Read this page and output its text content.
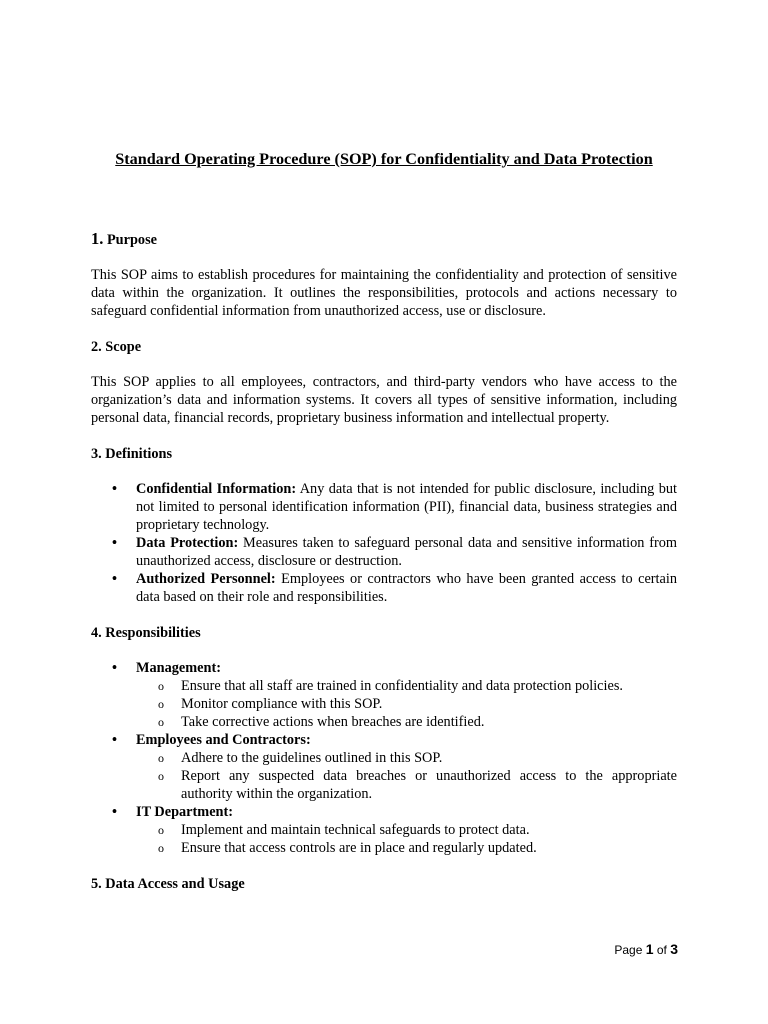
Standard Operating Procedure (SOP) for Confidentiality and Data Protection
1. Purpose

This SOP aims to establish procedures for maintaining the confidentiality and protection of sensitive data within the organization. It outlines the responsibilities, protocols and actions necessary to safeguard confidential information from unauthorized access, use or disclosure.

2. Scope

This SOP applies to all employees, contractors, and third-party vendors who have access to the organization’s data and information systems. It covers all types of sensitive information, including personal data, financial records, proprietary business information and intellectual property.

3. Definitions
• Confidential Information: Any data that is not intended for public disclosure, including but not limited to personal identification information (PII), financial data, business strategies and proprietary technology.
• Data Protection: Measures taken to safeguard personal data and sensitive information from unauthorized access, disclosure or destruction.
• Authorized Personnel: Employees or contractors who have been granted access to certain data based on their role and responsibilities.
4. Responsibilities
• Management:
o Ensure that all staff are trained in confidentiality and data protection policies.
o Monitor compliance with this SOP.
o Take corrective actions when breaches are identified.
• Employees and Contractors:
o Adhere to the guidelines outlined in this SOP.
o Report any suspected data breaches or unauthorized access to the appropriate authority within the organization.
• IT Department:
o Implement and maintain technical safeguards to protect data.
o Ensure that access controls are in place and regularly updated.
5. Data Access and Usage
Page 1 of 3
